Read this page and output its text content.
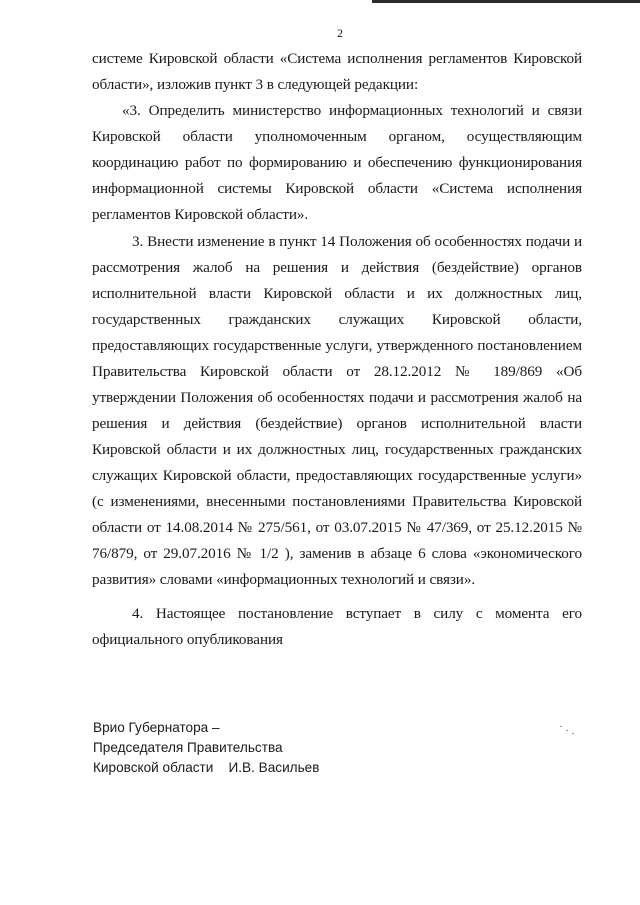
2

системе Кировской области «Система исполнения регламентов Кировской области», изложив пункт 3 в следующей редакции:

«3. Определить министерство информационных технологий и связи Кировской области уполномоченным органом, осуществляющим координацию работ по формированию и обеспечению функционирования информационной системы Кировской области «Система исполнения регламентов Кировской области».

3. Внести изменение в пункт 14 Положения об особенностях подачи и рассмотрения жалоб на решения и действия (бездействие) органов исполнительной власти Кировской области и их должностных лиц, государственных гражданских служащих Кировской области, предоставляющих государственные услуги, утвержденного постановлением Правительства Кировской области от 28.12.2012 № 189/869 «Об утверждении Положения об особенностях подачи и рассмотрения жалоб на решения и действия (бездействие) органов исполнительной власти Кировской области и их должностных лиц, государственных гражданских служащих Кировской области, предоставляющих государственные услуги» (с изменениями, внесенными постановлениями Правительства Кировской области от 14.08.2014 № 275/561, от 03.07.2015 № 47/369, от 25.12.2015 № 76/879, от 29.07.2016 № 1/2 ), заменив в абзаце 6 слова «экономического развития» словами «информационных технологий и связи».

4. Настоящее постановление вступает в силу с момента его официального опубликования

Врио Губернатора –
Председателя Правительства
Кировской области    И.В. Васильев
